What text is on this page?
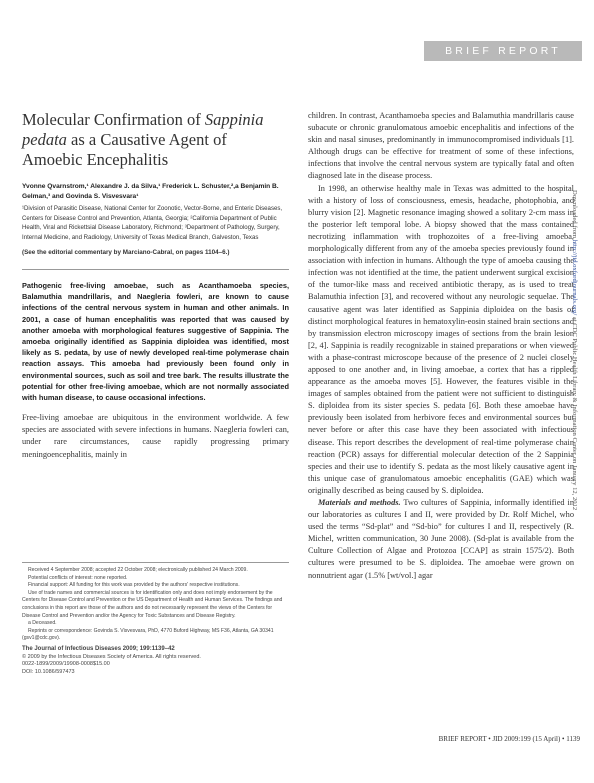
BRIEF REPORT
Molecular Confirmation of Sappinia pedata as a Causative Agent of Amoebic Encephalitis
Yvonne Qvarnstrom,¹ Alexandre J. da Silva,¹ Frederick L. Schuster,²,a Benjamin B. Gelman,³ and Govinda S. Visvesvara¹
¹Division of Parasitic Disease, National Center for Zoonotic, Vector-Borne, and Enteric Diseases, Centers for Disease Control and Prevention, Atlanta, Georgia; ²California Department of Public Health, Viral and Rickettsial Disease Laboratory, Richmond; ³Department of Pathology, Surgery, Internal Medicine, and Radiology, University of Texas Medical Branch, Galveston, Texas
(See the editorial commentary by Marciano-Cabral, on pages 1104–6.)

Pathogenic free-living amoebae, such as Acanthamoeba species, Balamuthia mandrillaris, and Naegleria fowleri, are known to cause infections of the central nervous system in human and other animals. In 2001, a case of human encephalitis was reported that was caused by another amoeba with morphological features suggestive of Sappinia. The amoeba originally identified as Sappinia diploidea was identified, most likely as S. pedata, by use of newly developed real-time polymerase chain reaction assays. This amoeba had previously been found only in environmental sources, such as soil and tree bark. The results illustrate the potential for other free-living amoebae, which are not normally associated with human disease, to cause occasional infections.

Free-living amoebae are ubiquitous in the environment worldwide. A few species are associated with severe infections in humans. Naegleria fowleri can, under rare circumstances, cause rapidly progressing primary meningoencephalitis, mainly in

children. In contrast, Acanthamoeba species and Balamuthia mandrillaris cause subacute or chronic granulomatous amoebic encephalitis and infections of the skin and nasal sinuses, predominantly in immunocompromised individuals [1]. Although drugs can be effective for treatment of some of these infections, infections that involve the central nervous system are typically fatal and often diagnosed late in the disease process.

In 1998, an otherwise healthy male in Texas was admitted to the hospital with a history of loss of consciousness, emesis, headache, photophobia, and blurry vision [2]. Magnetic resonance imaging showed a solitary 2-cm mass in the posterior left temporal lobe. A biopsy showed that the mass contained necrotizing inflammation with trophozoites of a free-living amoeba, morphologically different from any of the amoeba species previously found in association with infection in humans. Although the type of amoeba causing the infection was not identified at the time, the patient underwent surgical excision of the tumor-like mass and received antibiotic therapy, as is used to treat Balamuthia infection [3], and recovered without any neurologic sequelae. The causative agent was later identified as Sappinia diploidea on the basis of distinct morphological features in hematoxylin-eosin stained brain sections and by transmission electron microscopy images of sections from the brain lesion [2, 4]. Sappinia is readily recognizable in stained preparations or when viewed with a phase-contrast microscope because of the presence of 2 nuclei closely apposed to one another and, in living amoebae, a cortex that has a rippled appearance as the amoeba moves [5]. However, the features visible in the images of samples obtained from the patient were not sufficient to distinguish S. diploidea from its sister species S. pedata [6]. Both these amoebae have previously been isolated from herbivore feces and environmental sources but never before or after this case have they been associated with infectious disease. This report describes the development of real-time polymerase chain reaction (PCR) assays for differential molecular detection of the 2 Sappinia species and their use to identify S. pedata as the most likely causative agent in this unique case of granulomatous amoebic encephalitis (GAE) which was originally described as being caused by S. diploidea.

Materials and methods. Two cultures of Sappinia, informally identified in our laboratories as cultures I and II, were provided by Dr. Rolf Michel, who used the terms “Sd-plat” and “Sd-bio” for cultures I and II, respectively (R. Michel, written communication, 30 June 2008). (Sd-plat is available from the Culture Collection of Algae and Protozoa [CCAP] as strain 1575/2). Both cultures were presumed to be S. diploidea. The amoebae were grown on nonnutrient agar (1.5% [wt/vol.] agar

Received 4 September 2008; accepted 22 October 2008; electronically published 24 March 2009.

Potential conflicts of interest: none reported.

Financial support: All funding for this work was provided by the authors' respective institutions.

Use of trade names and commercial sources is for identification only and does not imply endorsement by the Centers for Disease Control and Prevention or the US Department of Health and Human Services. The findings and conclusions in this report are those of the authors and do not necessarily represent the views of the Centers for Disease Control and Prevention and/or the Agency for Toxic Substances and Disease Registry.

a Deceased.

Reprints or correspondence: Govinda S. Visvesvara, PhD, 4770 Buford Highway, MS F36, Atlanta, GA 30341 (gsv1@cdc.gov).

The Journal of Infectious Diseases 2009; 199:1139–42
© 2009 by the Infectious Diseases Society of America. All rights reserved.
0022-1899/2009/19908-0008$15.00
DOI: 10.1086/597473
BRIEF REPORT • JID 2009:199 (15 April) • 1139
Downloaded from http://jid.oxfordjournals.org/ at CDC Public Health Library & Information Center on January 12, 2012
